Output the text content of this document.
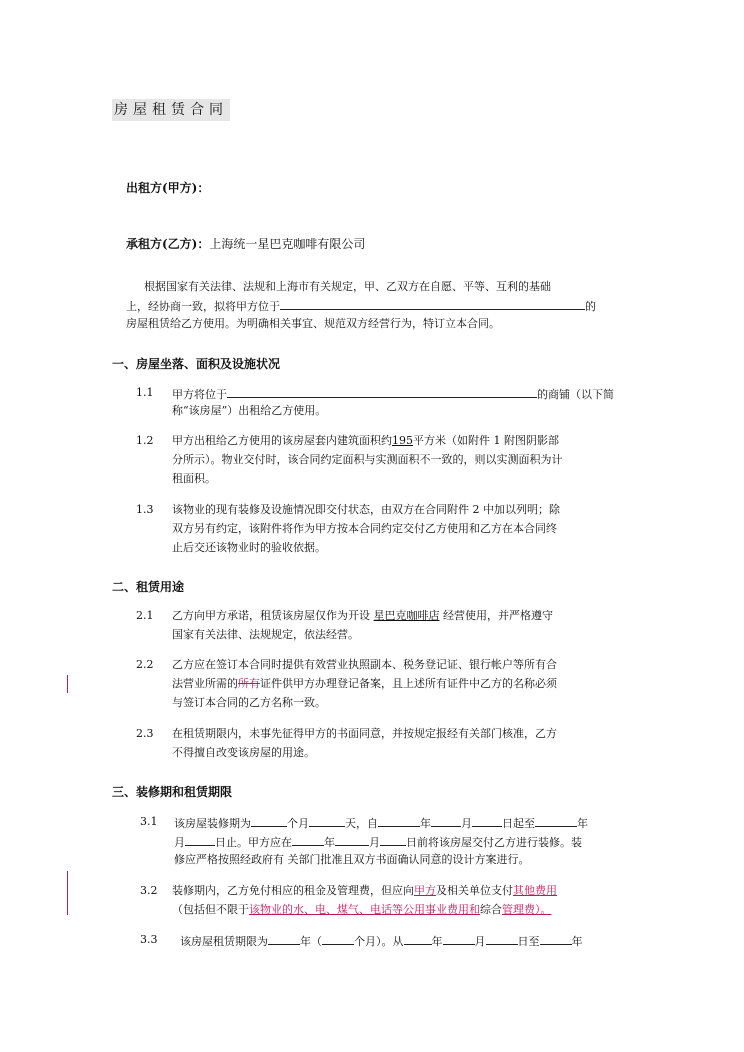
房屋租赁合同
出租方(甲方)：
承租方(乙方)：上海统一星巴克咖啡有限公司
根据国家有关法律、法规和上海市有关规定，甲、乙双方在自愿、平等、互利的基础
上，经协商一致，拟将甲方位于	的
房屋租赁给乙方使用。为明确相关事宜、规范双方经营行为，特订立本合同。
一、房屋坐落、面积及设施状况
1.1 甲方将位于	的商铺（以下简
称“该房屋”）出租给乙方使用。
1.2 甲方出租给乙方使用的该房屋套内建筑面积约195平方米（如附件 1 附图阴影部
分所示）。物业交付时，该合同约定面积与实测面积不一致的，则以实测面积为计
租面积。
1.3 该物业的现有装修及设施情况即交付状态，由双方在合同附件 2 中加以列明；除
双方另有约定，该附件将作为甲方按本合同约定交付乙方使用和乙方在本合同终
止后交还该物业时的验收依据。
二、租赁用途
2.1 乙方向甲方承诺，租赁该房屋仅作为开设 星巴克咖啡店 经营使用，并严格遵守
国家有关法律、法规规定，依法经营。
2.2 乙方应在签订本合同时提供有效营业执照副本、税务登记证、银行帐户等所有合
法营业所需的所有证件供甲方办理登记备案，且上述所有证件中乙方的名称必须
与签订本合同的乙方名称一致。
2.3 在租赁期限内，未事先征得甲方的书面同意，并按规定报经有关部门核准，乙方
不得擅自改变该房屋的用途。
三、装修期和租赁期限
3.1 该房屋装修期为	个月	天，自	年	月	日起至	年
月	日止。甲方应在	年	月 日前将该房屋交付乙方进行装修。装
修应严格按照经政府有 关部门批准且双方书面确认同意的设计方案进行。
3.2 装修期内，乙方免付相应的租金及管理费，但应向甲方及相关单位支付其他费用
（包括但不限于该物业的水、电、煤气、电话等公用事业费用和综合管理费）。
3.3 该房屋租赁期限为	年（	个月）。从	年	月	日至	年
